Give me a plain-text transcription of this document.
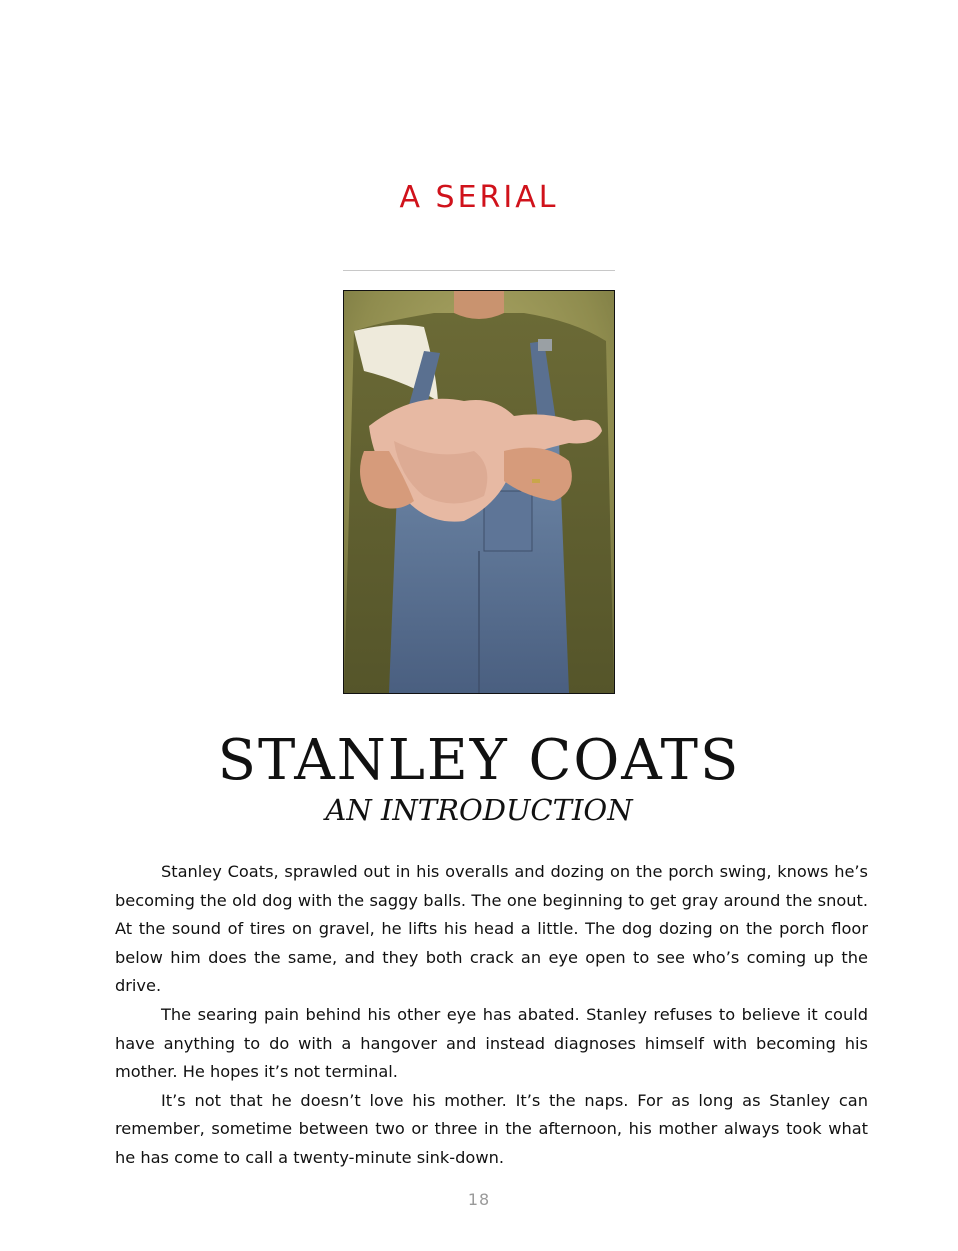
A SERIAL
STANLEY COATS
AN INTRODUCTION

Stanley Coats, sprawled out in his overalls and dozing on the porch swing, knows he’s becoming the old dog with the saggy balls. The one beginning to get gray around the snout. At the sound of tires on gravel, he lifts his head a little. The dog dozing on the porch floor below him does the same, and they both crack an eye open to see who’s coming up the drive.

The searing pain behind his other eye has abated. Stanley refuses to believe it could have anything to do with a hangover and instead diagnoses himself with becoming his mother. He hopes it’s not terminal.

It’s not that he doesn’t love his mother. It’s the naps. For as long as Stanley can remember, sometime between two or three in the afternoon, his mother always took what he has come to call a twenty-minute sink-down.

18
